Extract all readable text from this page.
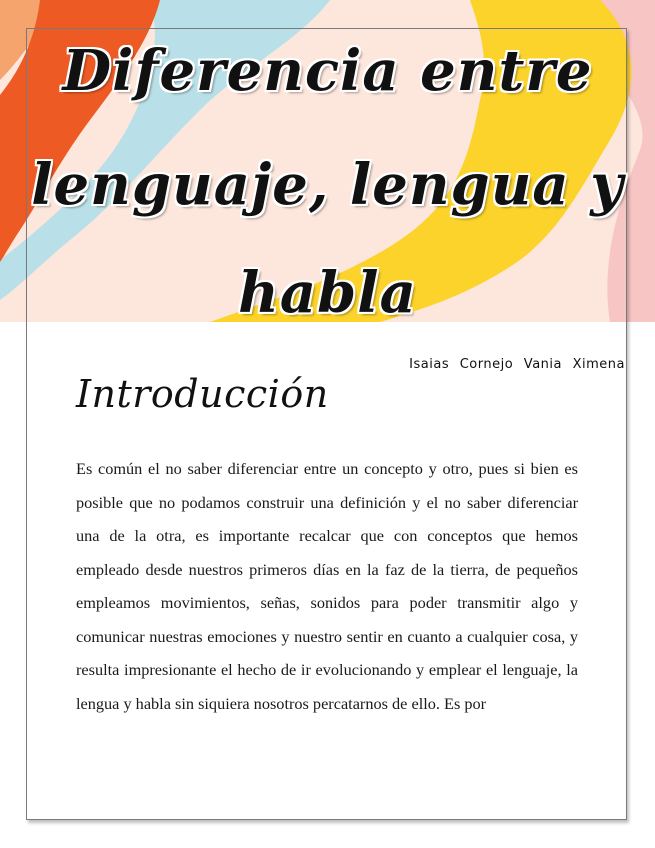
Diferencia entre
lenguaje, lengua y
habla
Isaias Cornejo Vania Ximena
Introducción

Es común el no saber diferenciar entre un concepto y otro, pues si bien es posible que no podamos construir una definición y el no saber diferenciar una de la otra, es importante recalcar que con conceptos que hemos empleado desde nuestros primeros días en la faz de la tierra, de pequeños empleamos movimientos, señas, sonidos para poder transmitir algo y comunicar nuestras emociones y nuestro sentir en cuanto a cualquier cosa, y resulta impresionante el hecho de ir evolucionando y emplear el lenguaje, la lengua y habla sin siquiera nosotros percatarnos de ello. Es por
